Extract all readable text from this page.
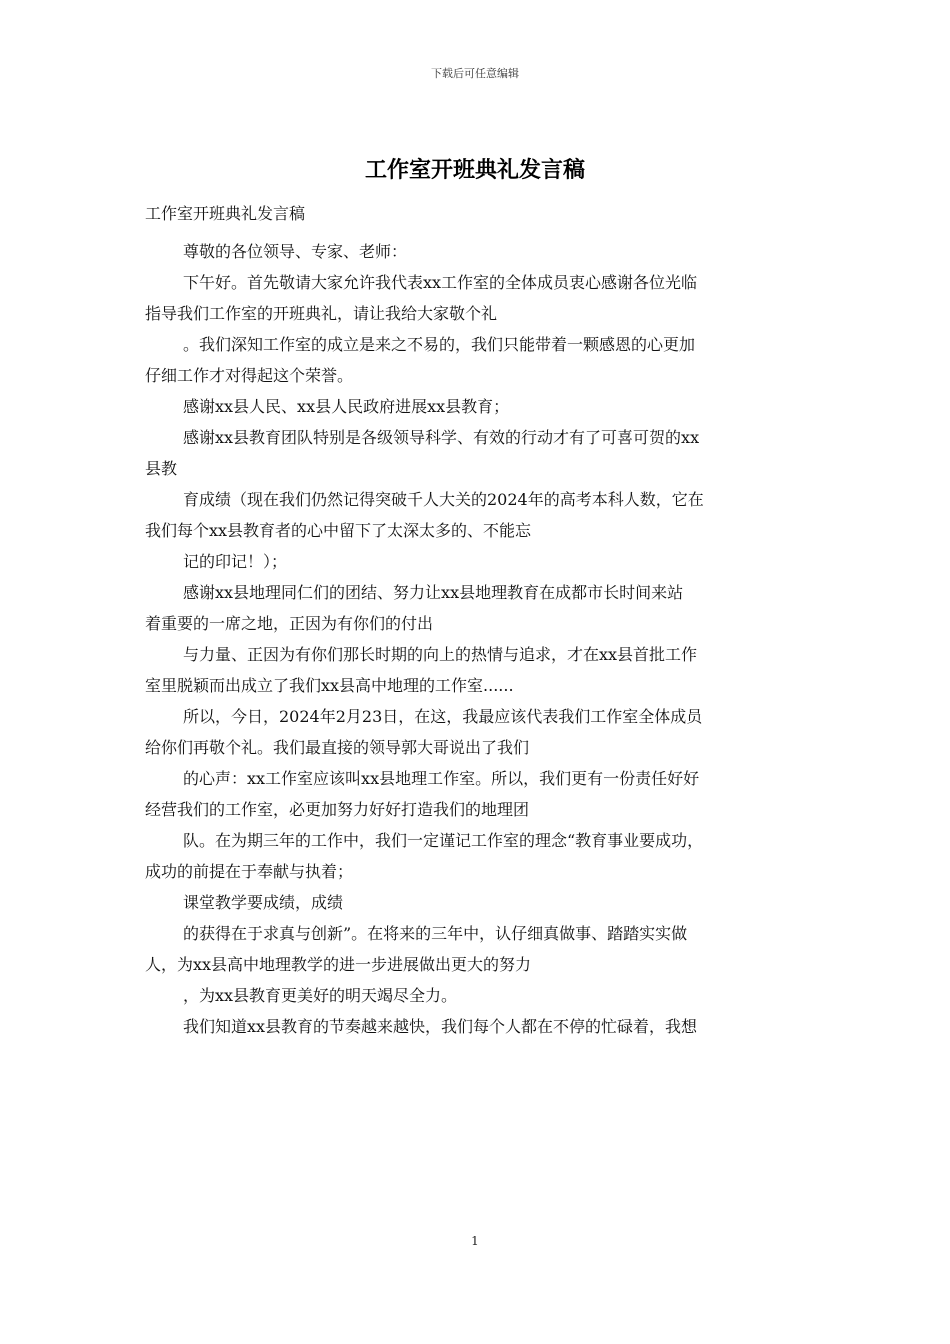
下载后可任意编辑
工作室开班典礼发言稿
工作室开班典礼发言稿
尊敬的各位领导、专家、老师：
下午好。首先敬请大家允许我代表xx工作室的全体成员衷心感谢各位光临
指导我们工作室的开班典礼，请让我给大家敬个礼
。我们深知工作室的成立是来之不易的，我们只能带着一颗感恩的心更加
仔细工作才对得起这个荣誉。
感谢xx县人民、xx县人民政府进展xx县教育；
感谢xx县教育团队特别是各级领导科学、有效的行动才有了可喜可贺的xx
县教
育成绩（现在我们仍然记得突破千人大关的2024年的高考本科人数，它在
我们每个xx县教育者的心中留下了太深太多的、不能忘
记的印记！）；
感谢xx县地理同仁们的团结、努力让xx县地理教育在成都市长时间来站
着重要的一席之地，正因为有你们的付出
与力量、正因为有你们那长时期的向上的热情与追求，才在xx县首批工作
室里脱颖而出成立了我们xx县高中地理的工作室......
所以，今日，2024年2月23日，在这，我最应该代表我们工作室全体成员
给你们再敬个礼。我们最直接的领导郭大哥说出了我们
的心声：xx工作室应该叫xx县地理工作室。所以，我们更有一份责任好好
经营我们的工作室，必更加努力好好打造我们的地理团
队。在为期三年的工作中，我们一定谨记工作室的理念“教育事业要成功，
成功的前提在于奉献与执着；
课堂教学要成绩，成绩
的获得在于求真与创新”。在将来的三年中，认仔细真做事、踏踏实实做
人，为xx县高中地理教学的进一步进展做出更大的努力
，为xx县教育更美好的明天竭尽全力。
我们知道xx县教育的节奏越来越快，我们每个人都在不停的忙碌着，我想
1
